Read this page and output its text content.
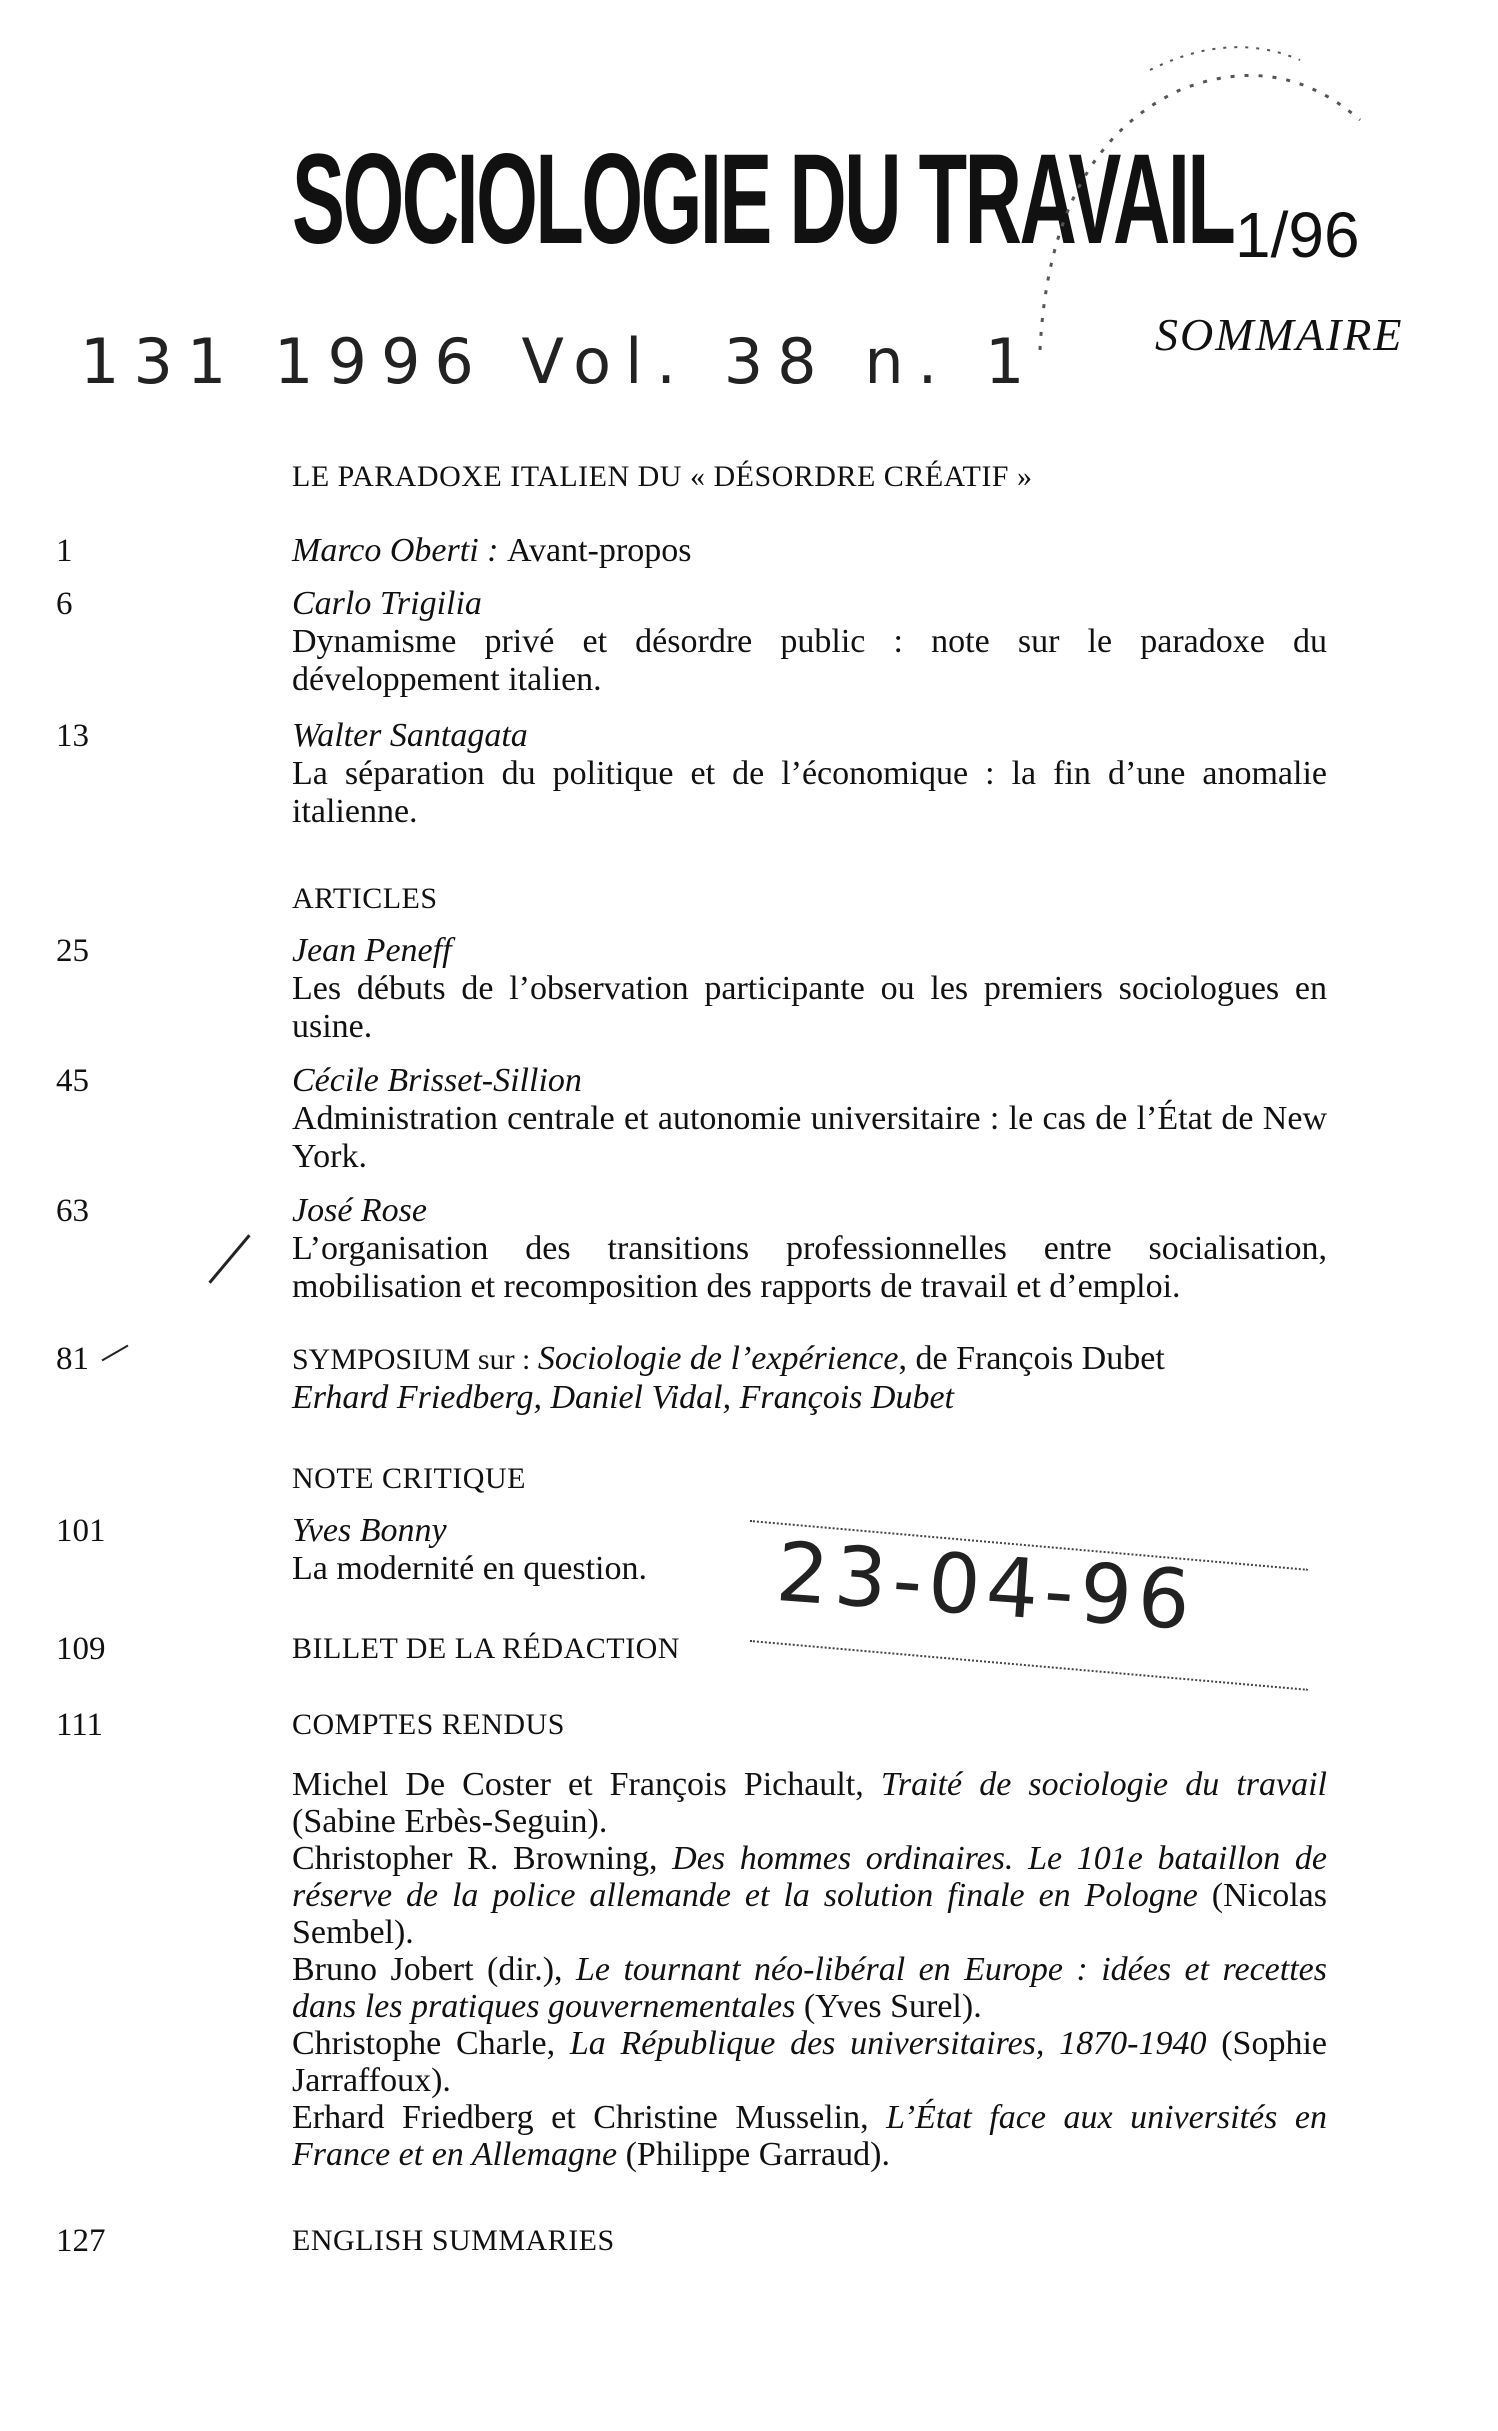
SOCIOLOGIE DU TRAVAIL 1/96
131 1996 Vol. 38 n. 1	SOMMAIRE
LE PARADOXE ITALIEN DU « DÉSORDRE CRÉATIF »
1	Marco Oberti : Avant-propos
6	Carlo Trigilia
Dynamisme privé et désordre public : note sur le paradoxe du développement italien.
13	Walter Santagata
La séparation du politique et de l’économique : la fin d’une anomalie italienne.
ARTICLES
25	Jean Peneff
Les débuts de l’observation participante ou les premiers sociologues en usine.
45	Cécile Brisset-Sillion
Administration centrale et autonomie universitaire : le cas de l’État de New York.
63	José Rose
L’organisation des transitions professionnelles entre socialisation, mobilisation et recomposition des rapports de travail et d’emploi.
81	SYMPOSIUM sur : Sociologie de l’expérience, de François Dubet
Erhard Friedberg, Daniel Vidal, François Dubet
NOTE CRITIQUE
101	Yves Bonny
La modernité en question.
109	BILLET DE LA RÉDACTION
111	COMPTES RENDUS
Michel De Coster et François Pichault, Traité de sociologie du travail (Sabine Erbès-Seguin).
Christopher R. Browning, Des hommes ordinaires. Le 101e bataillon de réserve de la police allemande et la solution finale en Pologne (Nicolas Sembel).
Bruno Jobert (dir.), Le tournant néo-libéral en Europe : idées et recettes dans les pratiques gouvernementales (Yves Surel).
Christophe Charle, La République des universitaires, 1870-1940 (Sophie Jarraffoux).
Erhard Friedberg et Christine Musselin, L’État face aux universités en France et en Allemagne (Philippe Garraud).
127	ENGLISH SUMMARIES
23-04-96
